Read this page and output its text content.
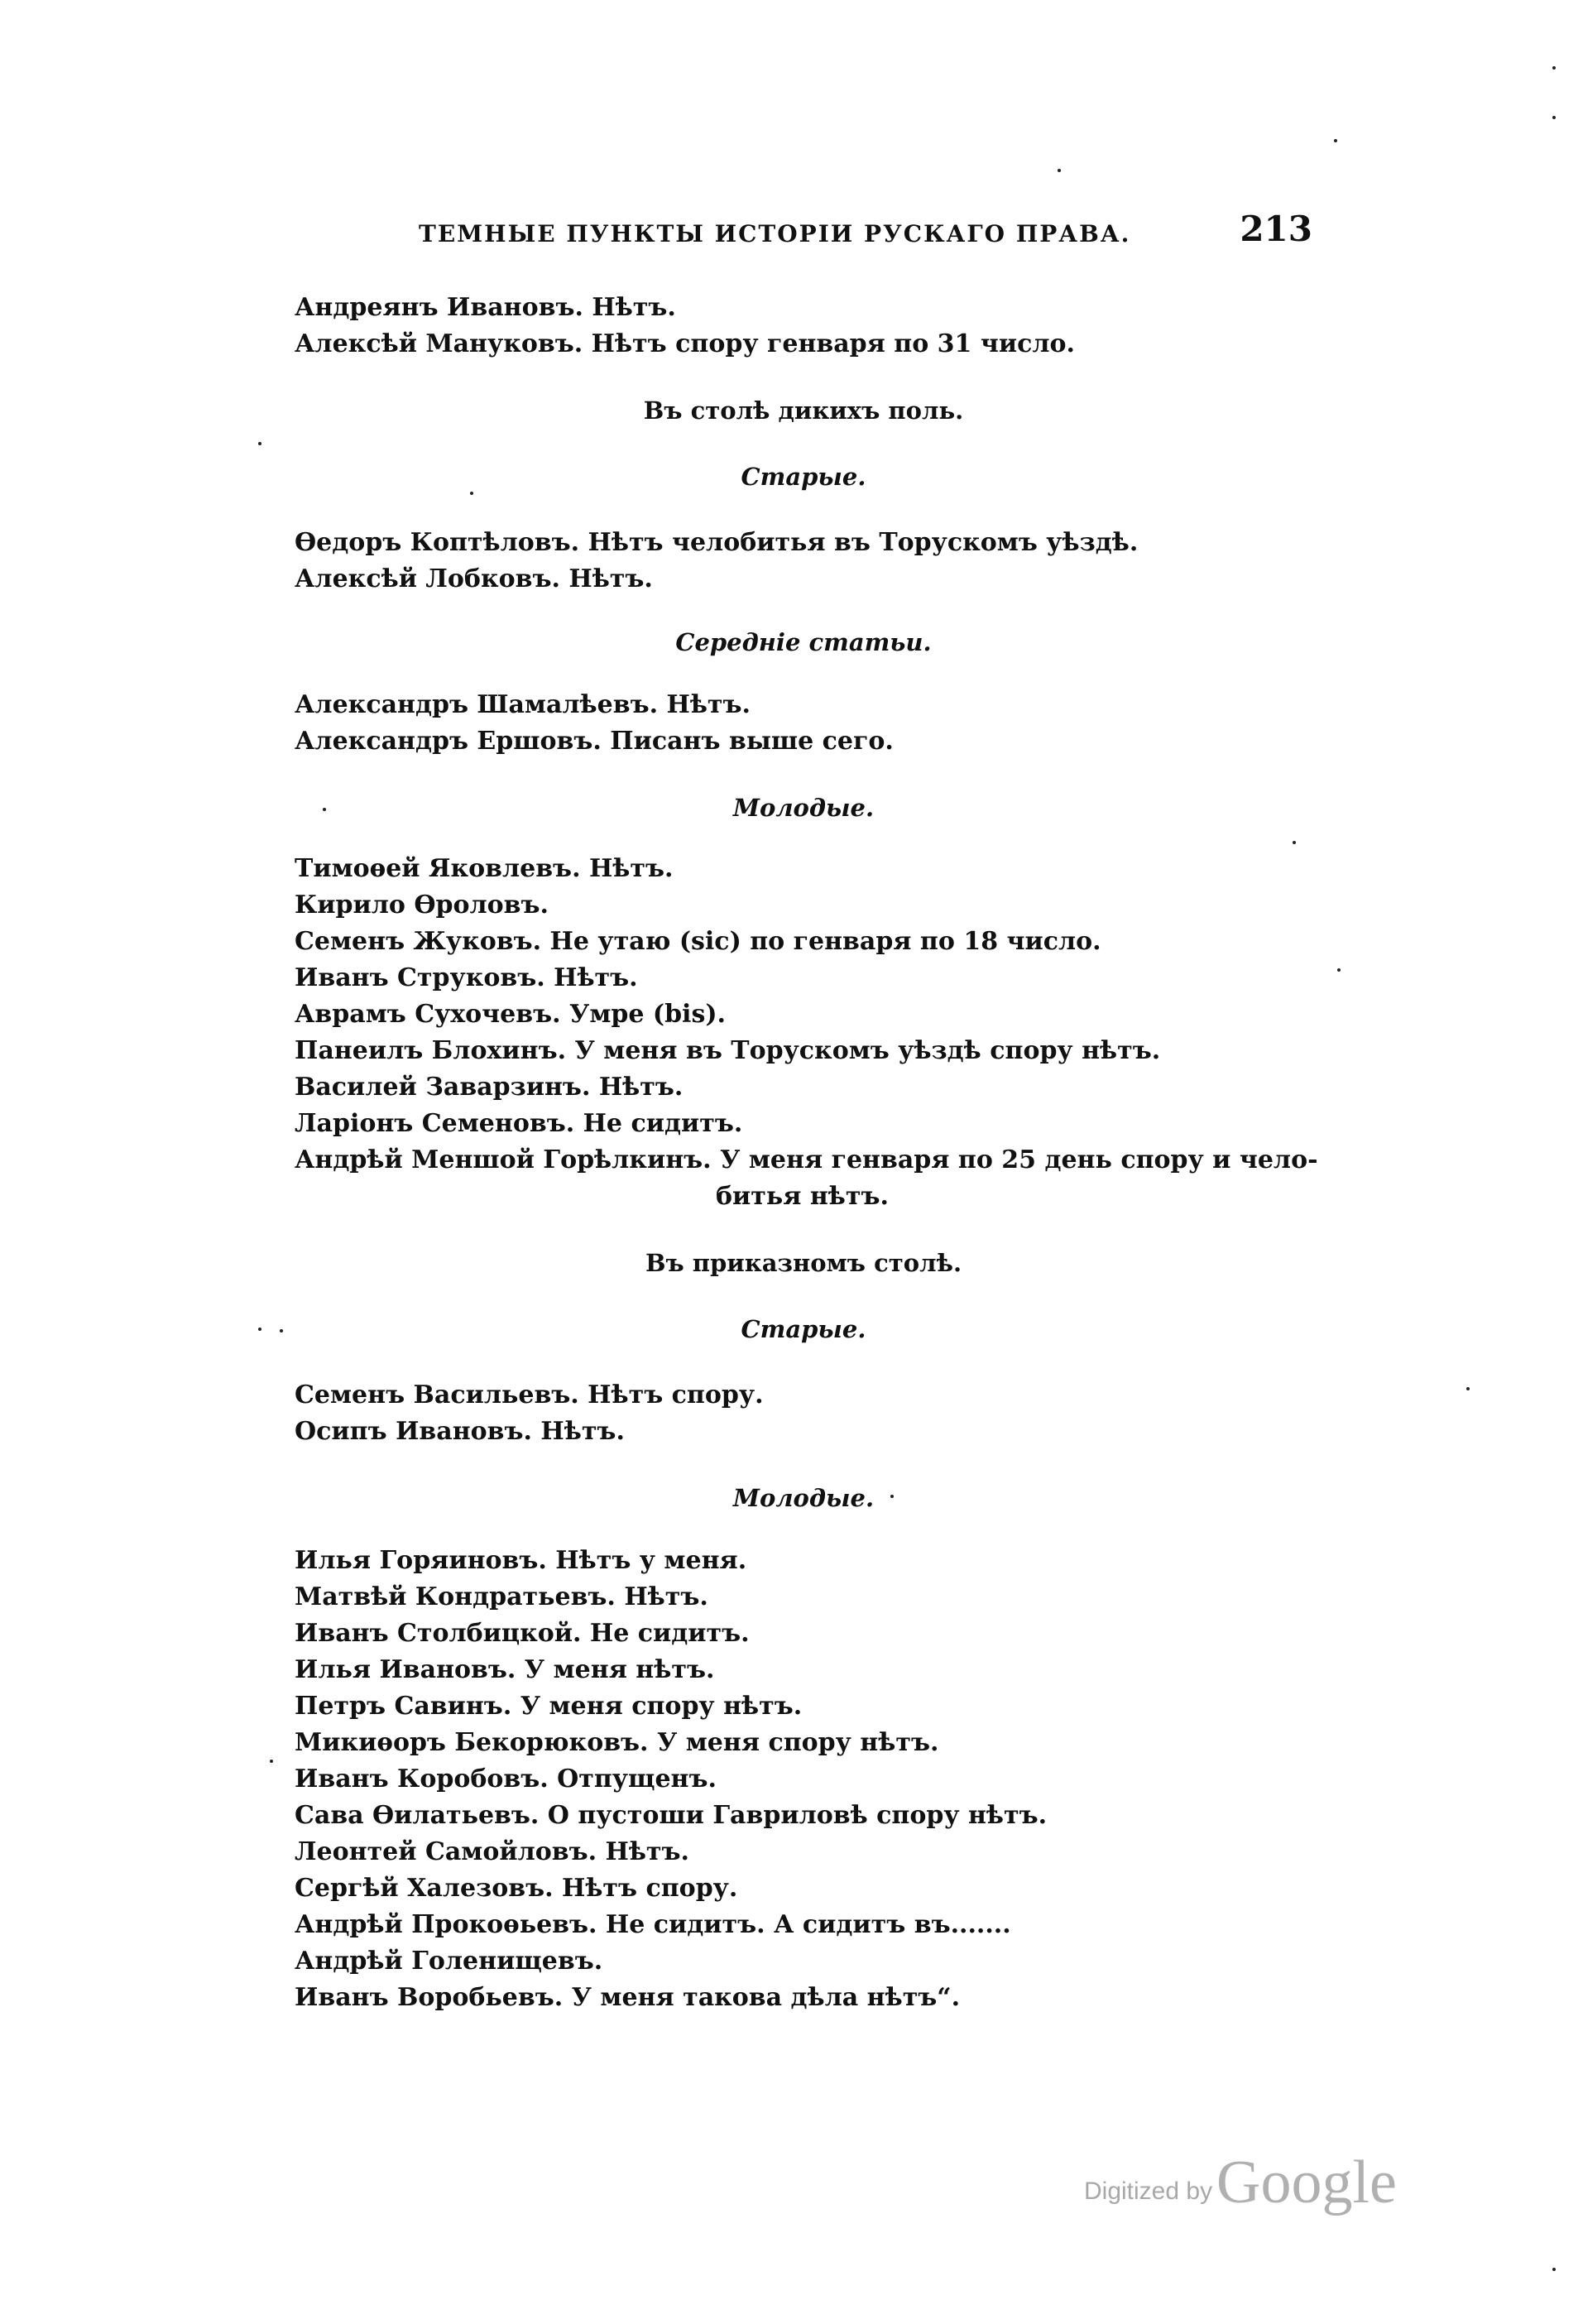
ТЕМНЫЕ ПУНКТЫ ИСТОРІИ РУСКАГО ПРАВА.	213
Андреянъ Ивановъ. Нѣтъ.
Алексѣй Мануковъ. Нѣтъ спору генваря по 31 число.
Въ столѣ дикихъ поль.
Старые.
Ѳедоръ Коптѣловъ. Нѣтъ челобитья въ Торускомъ уѣздѣ.
Алексѣй Лобковъ. Нѣтъ.
Середніе статьи.
Александръ Шамалѣевъ. Нѣтъ.
Александръ Ершовъ. Писанъ выше сего.
Молодые.
Тимоѳей Яковлевъ. Нѣтъ.
Кирило Ѳроловъ.
Семенъ Жуковъ. Не утаю (sic) по генваря по 18 число.
Иванъ Струковъ. Нѣтъ.
Аврамъ Сухочевъ. Умре (bis).
Панеилъ Блохинъ. У меня въ Торускомъ уѣздѣ спору нѣтъ.
Василей Заварзинъ. Нѣтъ.
Ларіонъ Семеновъ. Не сидитъ.
Андрѣй Меншой Горѣлкинъ. У меня генваря по 25 день спору и чело-
битья нѣтъ.
Въ приказномъ столѣ.
Старые.
Семенъ Васильевъ. Нѣтъ спору.
Осипъ Ивановъ. Нѣтъ.
Молодые.
Илья Горяиновъ. Нѣтъ у меня.
Матвѣй Кондратьевъ. Нѣтъ.
Иванъ Столбицкой. Не сидитъ.
Илья Ивановъ. У меня нѣтъ.
Петръ Савинъ. У меня спору нѣтъ.
Микиѳоръ Бекорюковъ. У меня спору нѣтъ.
Иванъ Коробовъ. Отпущенъ.
Сава Ѳилатьевъ. О пустоши Гавриловѣ спору нѣтъ.
Леонтей Самойловъ. Нѣтъ.
Сергѣй Халезовъ. Нѣтъ спору.
Андрѣй Прокоѳьевъ. Не сидитъ. А сидитъ въ.......
Андрѣй Голенищевъ.
Иванъ Воробьевъ. У меня такова дѣла нѣтъ“.
Digitized by Google
